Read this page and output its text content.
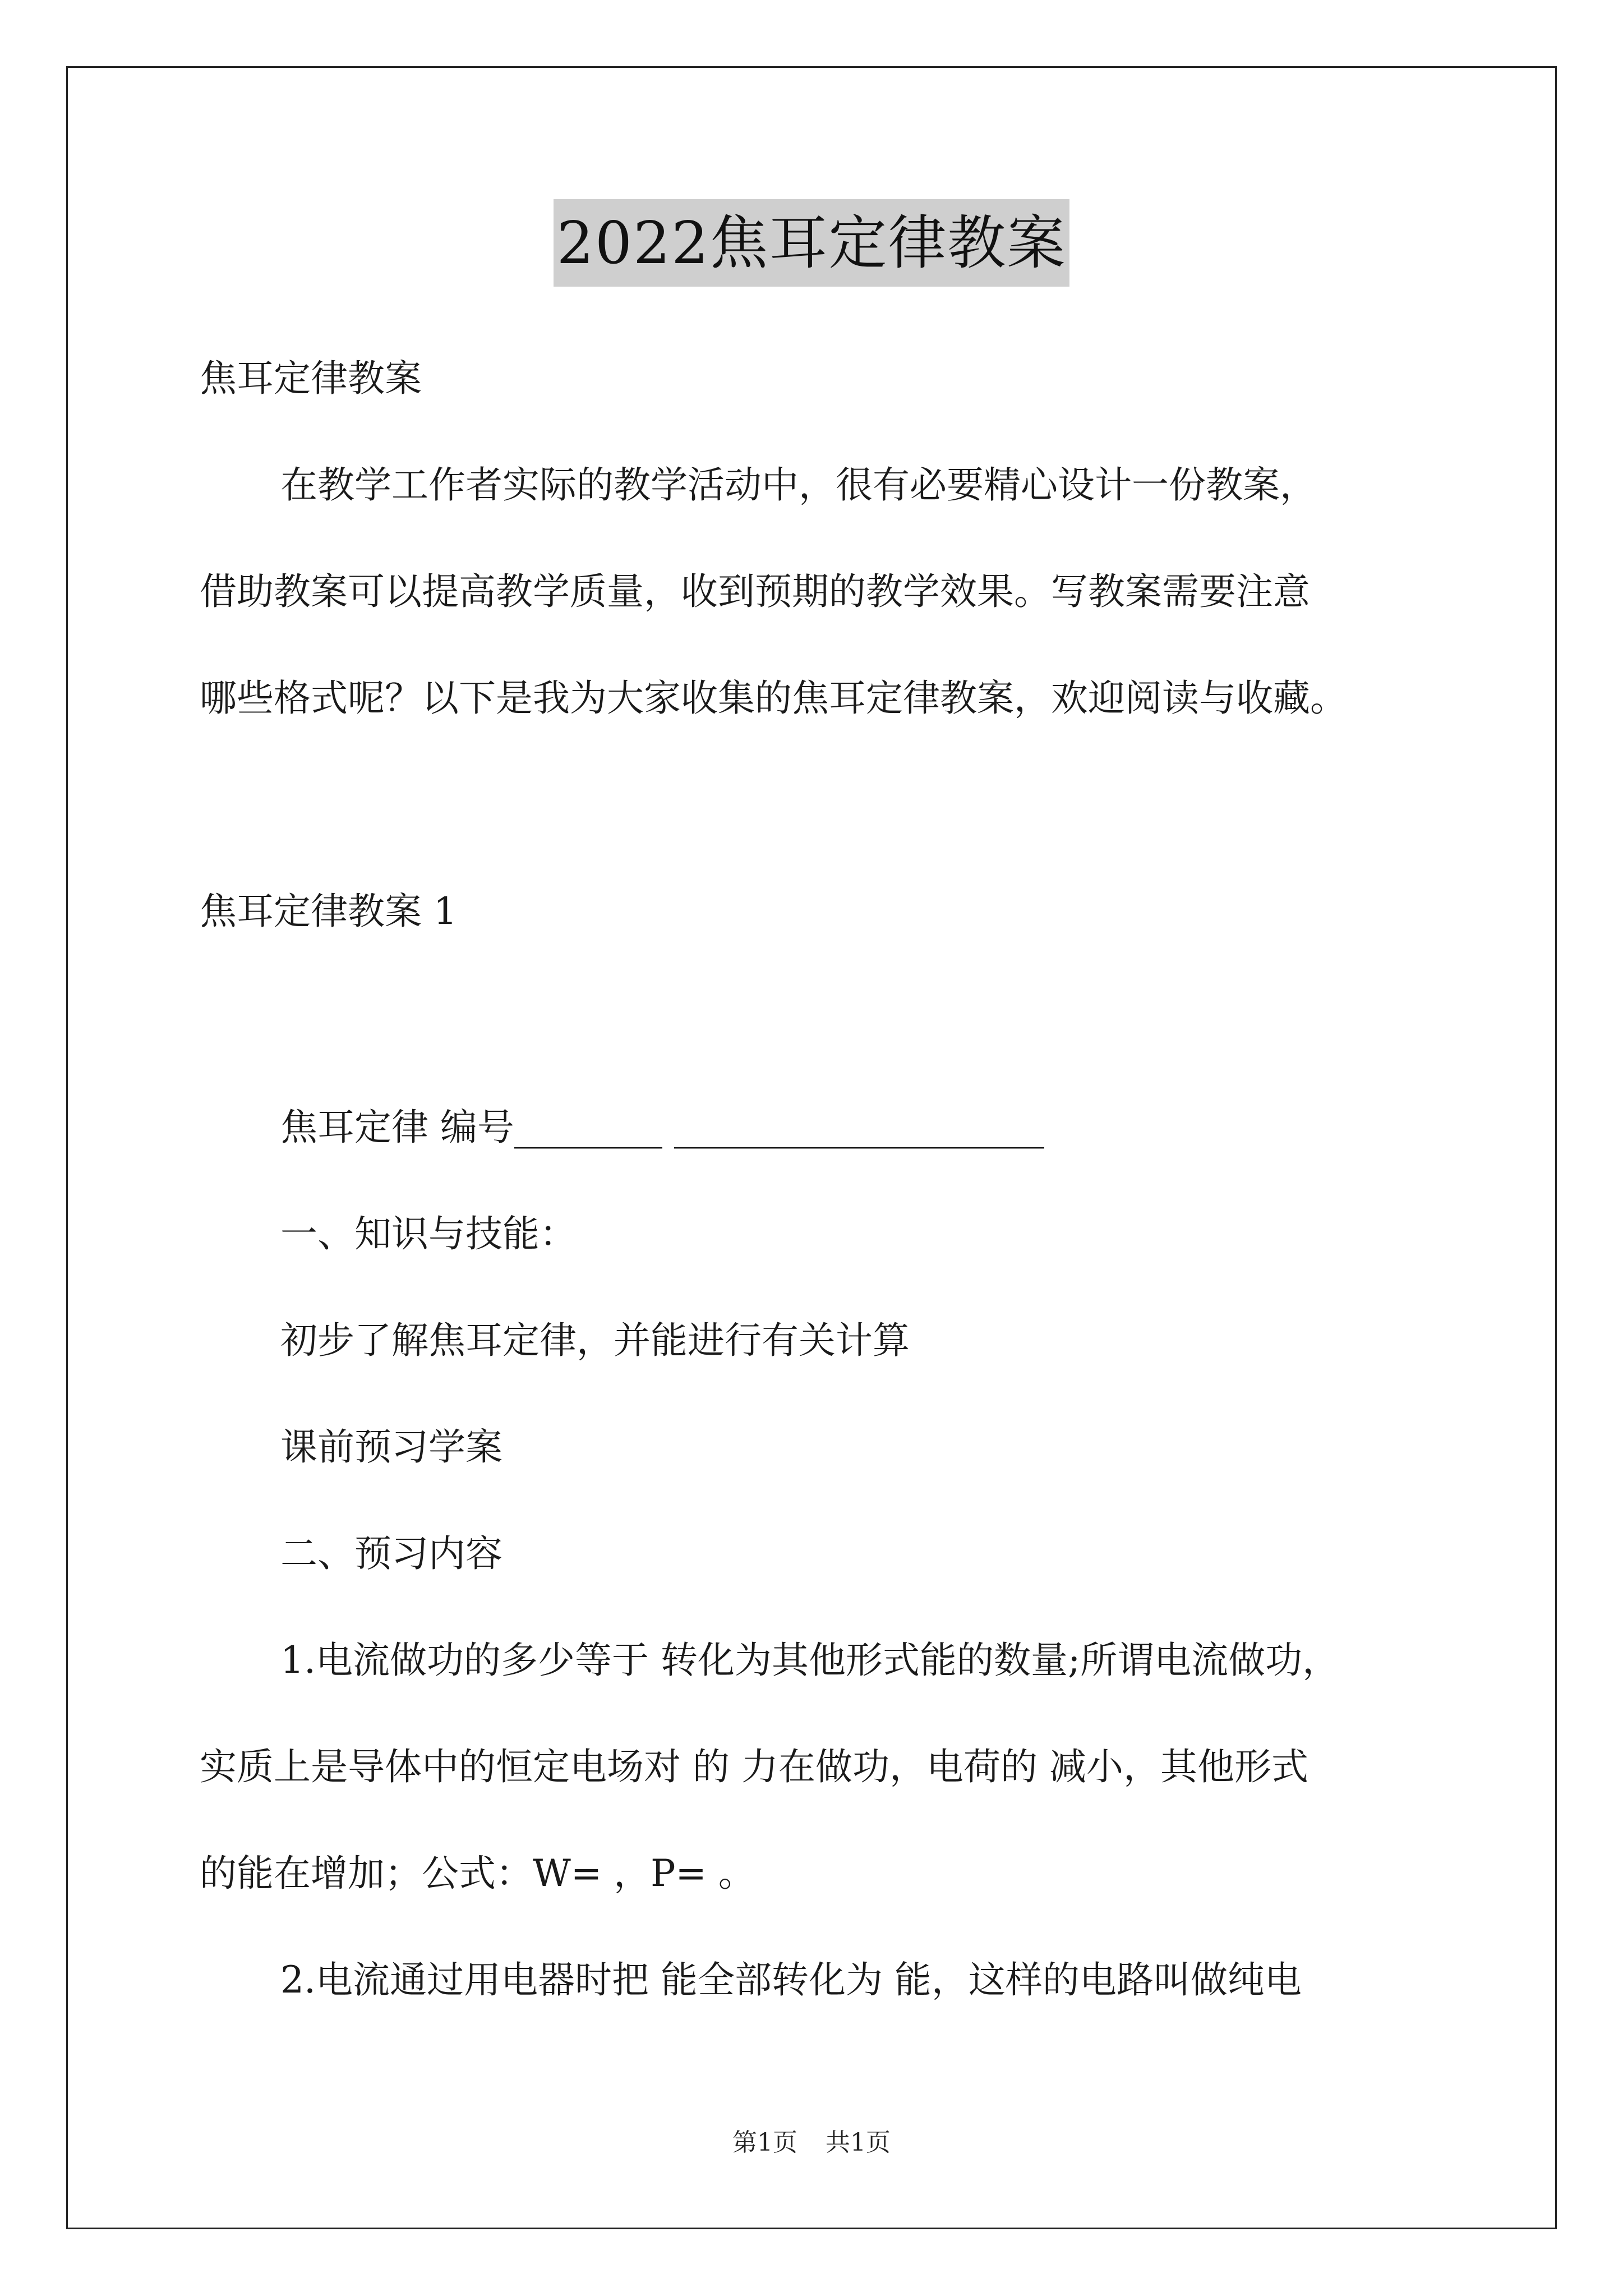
2022焦耳定律教案
焦耳定律教案
在教学工作者实际的教学活动中，很有必要精心设计一份教案，
借助教案可以提高教学质量，收到预期的教学效果。写教案需要注意
哪些格式呢？以下是我为大家收集的焦耳定律教案，欢迎阅读与收藏。
焦耳定律教案 1
焦耳定律 编号________ ____________________
一、知识与技能：
初步了解焦耳定律，并能进行有关计算
课前预习学案
二、预习内容
1.电流做功的多少等于 转化为其他形式能的数量;所谓电流做功，
实质上是导体中的恒定电场对 的 力在做功，电荷的 减小，其他形式
的能在增加；公式：W= ，P= 。
2.电流通过用电器时把 能全部转化为 能，这样的电路叫做纯电
第1页 共1页
